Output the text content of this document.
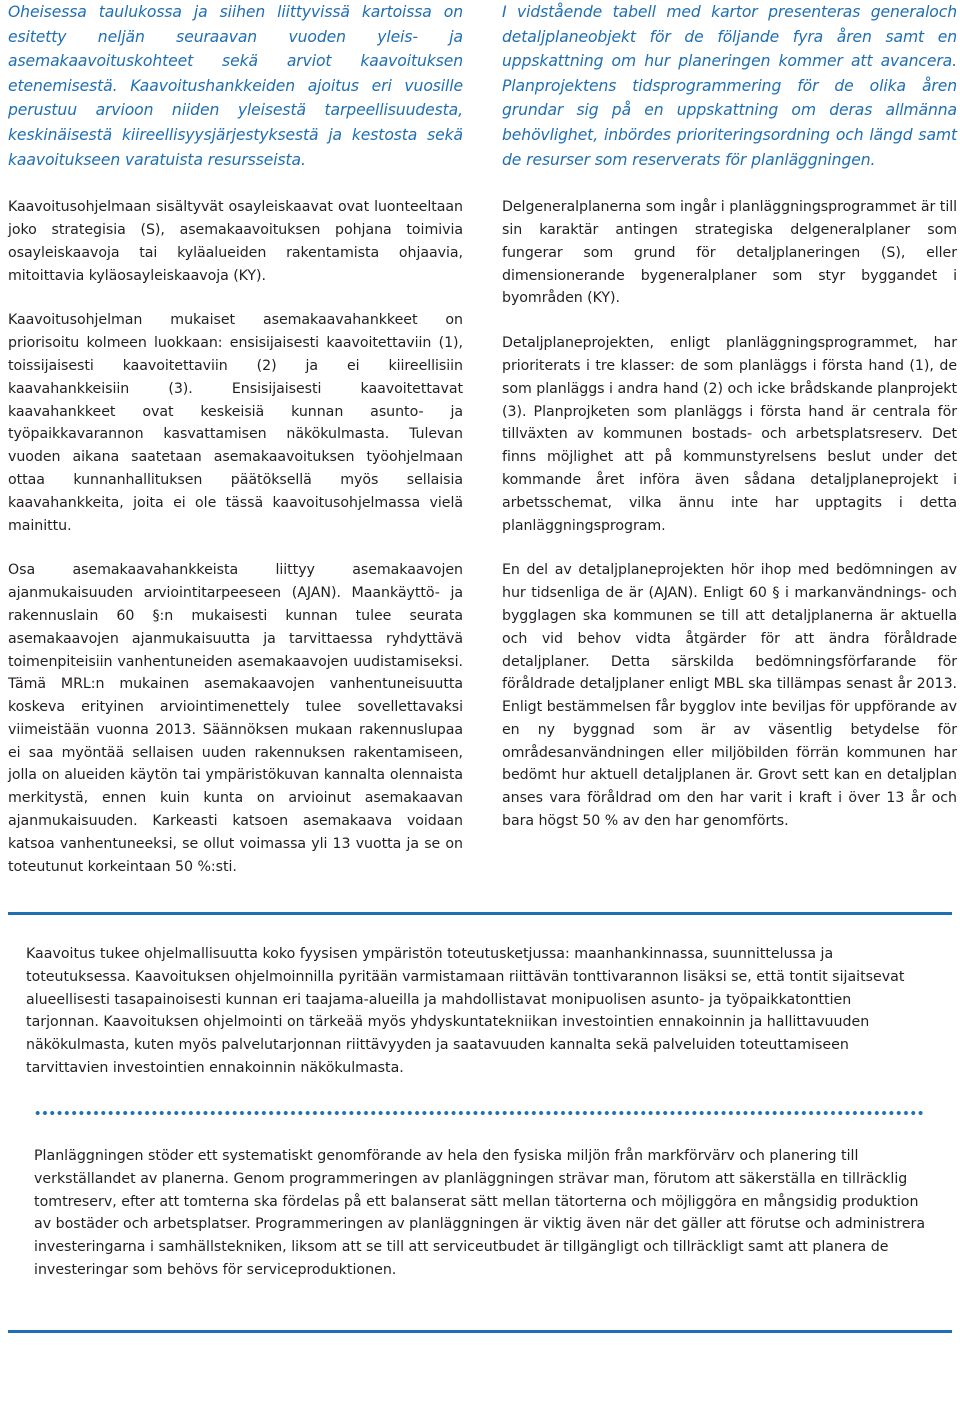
Oheisessa taulukossa ja siihen liittyvissä kartoissa on esitetty neljän seuraavan vuoden yleis- ja asemakaavoituskohteet sekä arviot kaavoituksen etenemisestä. Kaavoitushankkeiden ajoitus eri vuosille perustuu arvioon niiden yleisestä tarpeellisuudesta, keskinäisestä kiireellisyysjärjestyksestä ja kestosta sekä kaavoitukseen varatuista resursseista.

Kaavoitusohjelmaan sisältyvät osayleiskaavat ovat luonteeltaan joko strategisia (S), asemakaavoituksen pohjana toimivia osayleiskaavoja tai kyläalueiden rakentamista ohjaavia, mitoittavia kyläosayleiskaavoja (KY).

Kaavoitusohjelman mukaiset asemakaavahankkeet on priorisoitu kolmeen luokkaan: ensisijaisesti kaavoitettaviin (1), toissijaisesti kaavoitettaviin (2) ja ei kiireellisiin kaavahankkeisiin (3). Ensisijaisesti kaavoitettavat kaavahankkeet ovat keskeisiä kunnan asunto- ja työpaikkavarannon kasvattamisen näkökulmasta. Tulevan vuoden aikana saatetaan asemakaavoituksen työohjelmaan ottaa kunnanhallituksen päätöksellä myös sellaisia kaavahankkeita, joita ei ole tässä kaavoitusohjelmassa vielä mainittu.

Osa asemakaavahankkeista liittyy asemakaavojen ajanmukaisuuden arviointitarpeeseen (AJAN). Maankäyttö- ja rakennuslain 60 §:n mukaisesti kunnan tulee seurata asemakaavojen ajanmukaisuutta ja tarvittaessa ryhdyttävä toimenpiteisiin vanhentuneiden asemakaavojen uudistamiseksi. Tämä MRL:n mukainen asemakaavojen vanhentuneisuutta koskeva erityinen arviointimenettely tulee sovellettavaksi viimeistään vuonna 2013. Säännöksen mukaan rakennuslupaa ei saa myöntää sellaisen uuden rakennuksen rakentamiseen, jolla on alueiden käytön tai ympäristökuvan kannalta olennaista merkitystä, ennen kuin kunta on arvioinut asemakaavan ajanmukaisuuden. Karkeasti katsoen asemakaava voidaan katsoa vanhentuneeksi, se ollut voimassa yli 13 vuotta ja se on toteutunut korkeintaan 50 %:sti.

I vidstående tabell med kartor presenteras generaloch detaljplaneobjekt för de följande fyra åren samt en uppskattning om hur planeringen kommer att avancera. Planprojektens tidsprogrammering för de olika åren grundar sig på en uppskattning om deras allmänna behövlighet, inbördes prioriteringsordning och längd samt de resurser som reserverats för planläggningen.

Delgeneralplanerna som ingår i planläggningsprogrammet är till sin karaktär antingen strategiska delgeneralplaner som fungerar som grund för detaljplaneringen (S), eller dimensionerande bygeneralplaner som styr byggandet i byområden (KY).

Detaljplaneprojekten, enligt planläggningsprogrammet, har prioriterats i tre klasser: de som planläggs i första hand (1), de som planläggs i andra hand (2) och icke brådskande planprojekt (3). Planprojketen som planläggs i första hand är centrala för tillväxten av kommunen bostads- och arbetsplatsreserv. Det finns möjlighet att på kommunstyrelsens beslut under det kommande året införa även sådana detaljplaneprojekt i arbetsschemat, vilka ännu inte har upptagits i detta planläggningsprogram.

En del av detaljplaneprojekten hör ihop med bedömningen av hur tidsenliga de är (AJAN). Enligt 60 § i markanvändnings- och bygglagen ska kommunen se till att detaljplanerna är aktuella och vid behov vidta åtgärder för att ändra föråldrade detaljplaner. Detta särskilda bedömningsförfarande för föråldrade detaljplaner enligt MBL ska tillämpas senast år 2013. Enligt bestämmelsen får bygglov inte beviljas för uppförande av en ny byggnad som är av väsentlig betydelse för områdesanvändningen eller miljöbilden förrän kommunen har bedömt hur aktuell detaljplanen är. Grovt sett kan en detaljplan anses vara föråldrad om den har varit i kraft i över 13 år och bara högst 50 % av den har genomförts.

Kaavoitus tukee ohjelmallisuutta koko fyysisen ympäristön toteutusketjussa: maanhankinnassa, suunnittelussa ja toteutuksessa. Kaavoituksen ohjelmoinnilla pyritään varmistamaan riittävän tonttivarannon lisäksi se, että tontit sijaitsevat alueellisesti tasapainoisesti kunnan eri taajama-alueilla ja mahdollistavat monipuolisen asunto- ja työpaikkatonttien tarjonnan. Kaavoituksen ohjelmointi on tärkeää myös yhdyskuntatekniikan investointien ennakoinnin ja hallittavuuden näkökulmasta, kuten myös palvelutarjonnan riittävyyden ja saatavuuden kannalta sekä palveluiden toteuttamiseen tarvittavien investointien ennakoinnin näkökulmasta.

Planläggningen stöder ett systematiskt genomförande av hela den fysiska miljön från markförvärv och planering till verkställandet av planerna. Genom programmeringen av planläggningen strävar man, förutom att säkerställa en tillräcklig tomtreserv, efter att tomterna ska fördelas på ett balanserat sätt mellan tätorterna och möjliggöra en mångsidig produktion av bostäder och arbetsplatser. Programmeringen av planläggningen är viktig även när det gäller att förutse och administrera investeringarna i samhällstekniken, liksom att se till att serviceutbudet är tillgängligt och tillräckligt samt att planera de investeringar som behövs för serviceproduktionen.
